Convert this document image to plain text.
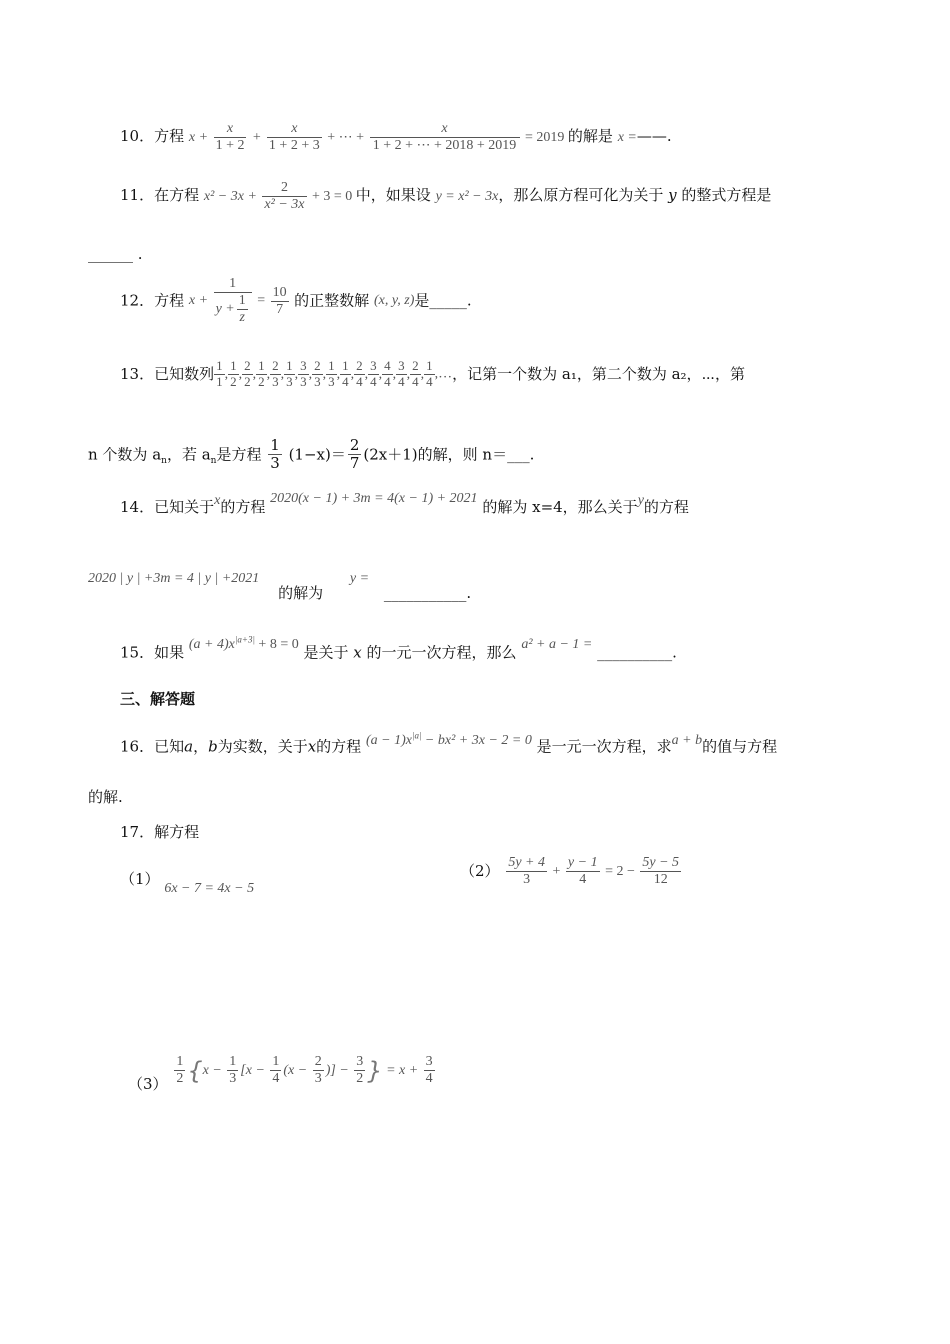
10．方程 $x + \frac{x}{1 + 2} + \frac{x}{1 + 2 + 3}$ + ⋯ + $\frac{x}{1 + 2 + \cdots + 2018 + 2019} = 2019$ 的解是 x =——.
11．在方程 $x^2 - 3x + \frac{2}{\text{x² − 3x}} + 3 = 0$ 中，如果设 y = x² − 3x，那么原方程可化为关于 y 的整式方程是
______ .
12．方程 $x + \frac{1}{y + \frac{1}{z}} = \frac{10}{7}$ 的正整数解 (x, y, z)是_____.
13．已知数列 $\frac{1}{1}$ , $\frac{1}{2}$ , $\frac{2}{2}$ , $\frac{1}{2}$ , $\frac{2}{3}$ , $\frac{1}{3}$ , $\frac{3}{3}$ , $\frac{2}{3}$ , $\frac{1}{3}$ , $\frac{1}{4}$ , $\frac{2}{4}$ , $\frac{3}{4}$ , $\frac{4}{4}$ , $\frac{3}{4}$ , $\frac{2}{4}$ , $\frac{1}{4}$ ,…，记第一个数为 a₁，第二个数为 a₂，⋯，第
n 个数为 $a_n$，若 $a_n$是方程 $\frac{1}{3} (1-x)= \frac{2}{7} (2x+1)$的解，则 n＝___.
14．已知关于x的方程 2020(x − 1) + 3m = 4(x − 1) + 2021 的解为 x=4，那么关于y的方程
2020 | y | +3m = 4 | y | +2021 的解为 y = ___________.
15．如果 $(a + 4)x^{|a+3|} + 8 = 0$ 是关于 x 的一元一次方程，那么 a² + a − 1 = __________.
三、解答题
16．已知a，b为实数，关于x的方程 $(a - 1)x^{|a|} - bx^2 + 3x - 2 = 0$ 是一元一次方程，求a + b的值与方程
的解.
17．解方程
（1） 6x − 7 = 4x − 5
$(2) \frac{5y + 4}{3} + \frac{y - 1}{4} = 2 - \frac{5y - 5}{12}$
$(3) \frac{1}{2} \{x - \frac{1}{3} [x - \frac{1}{4} (x - \frac{2}{3}$ )] − $\frac{3}{2}$ } = $x + \frac{3}{4}$
